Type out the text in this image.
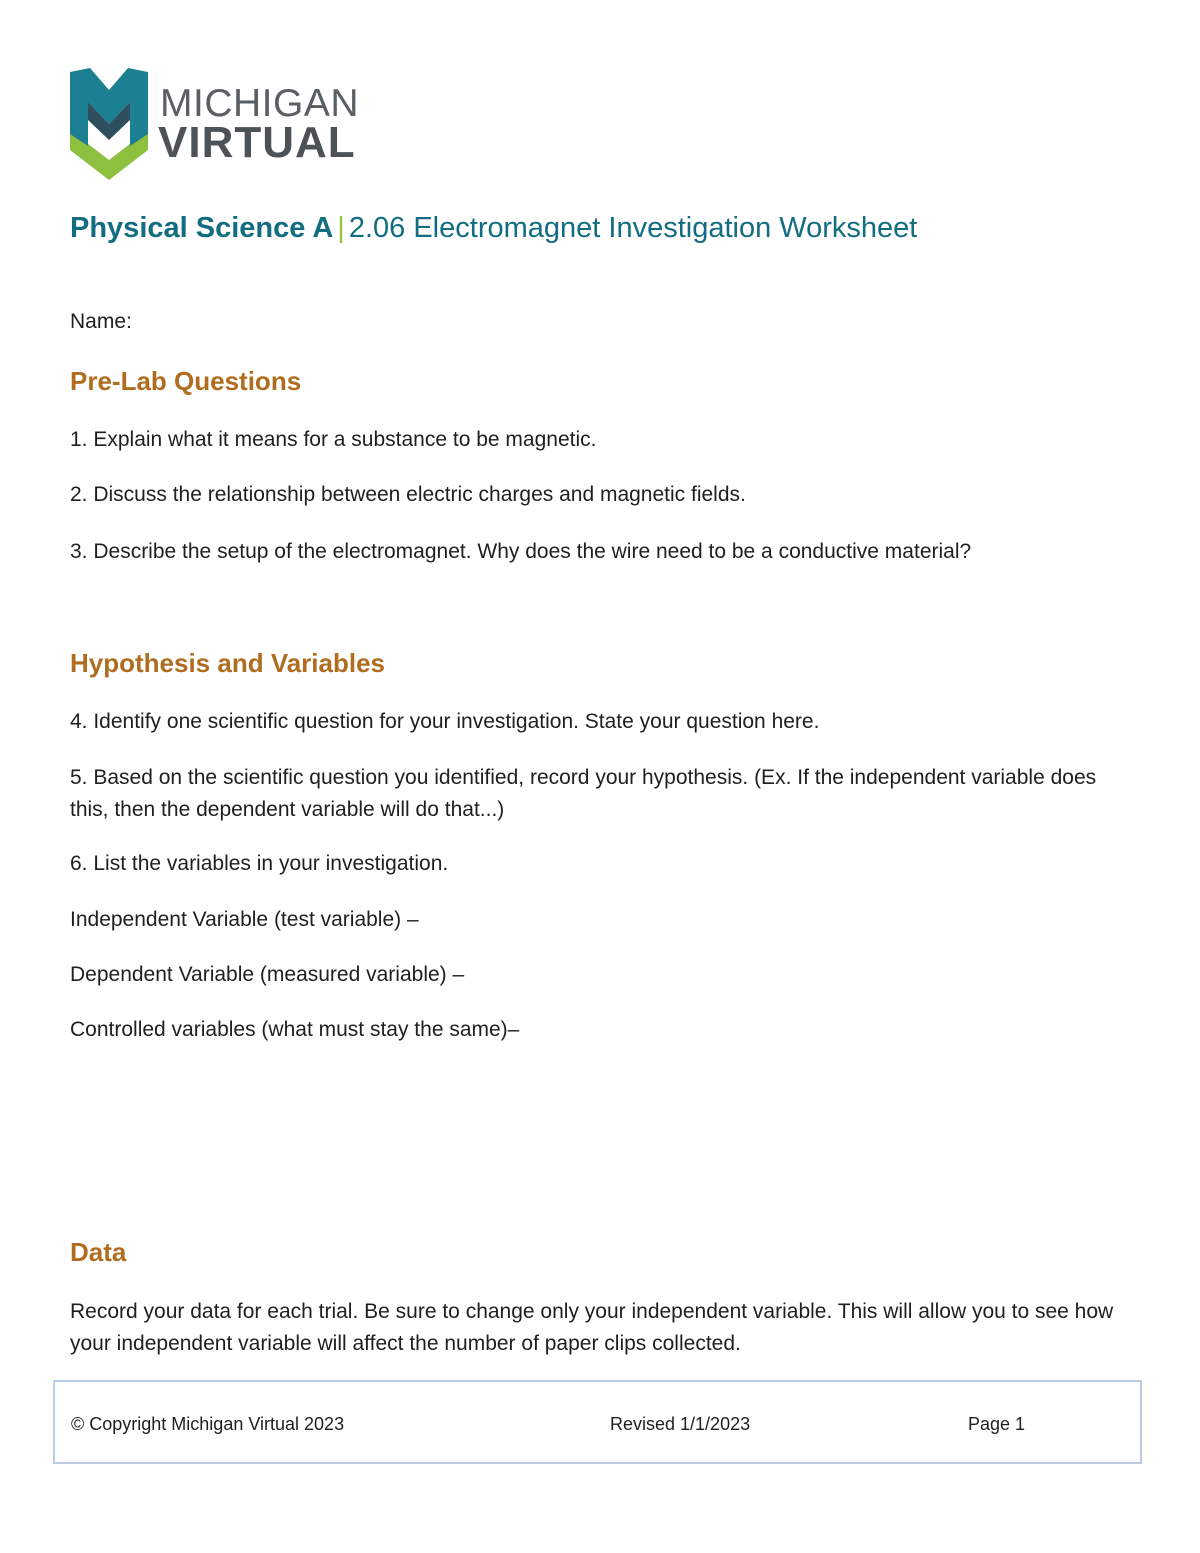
MICHIGAN
VIRTUAL
Physical Science A | 2.06 Electromagnet Investigation Worksheet
Name:
Pre-Lab Questions
1. Explain what it means for a substance to be magnetic.
2. Discuss the relationship between electric charges and magnetic fields.
3. Describe the setup of the electromagnet. Why does the wire need to be a conductive material?
Hypothesis and Variables
4. Identify one scientific question for your investigation. State your question here.
5. Based on the scientific question you identified, record your hypothesis. (Ex. If the independent variable does this, then the dependent variable will do that...)
6. List the variables in your investigation.
Independent Variable (test variable) –
Dependent Variable (measured variable) –
Controlled variables (what must stay the same)–
Data
Record your data for each trial. Be sure to change only your independent variable. This will allow you to see how your independent variable will affect the number of paper clips collected.
© Copyright Michigan Virtual 2023	Revised 1/1/2023	Page 1
